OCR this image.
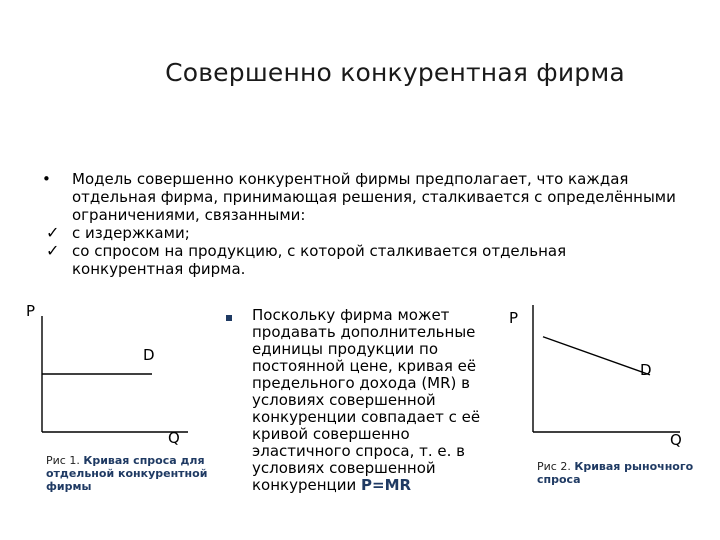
Совершенно конкурентная фирма
• Модель совершенно конкурентной фирмы предполагает, что каждая отдельная фирма, принимающая решения, сталкивается с определёнными ограничениями, связанными:
✓ с издержками;
✓ со спросом на продукцию, с которой сталкивается отдельная конкурентная фирма.
P
D
Q
Рис 1. Кривая спроса для отдельной конкурентной фирмы
Поскольку фирма может продавать дополнительные единицы продукции по постоянной цене, кривая её предельного дохода (MR) в условиях совершенной конкуренции совпадает с её кривой совершенно эластичного спроса, т. е. в условиях совершенной конкуренции P=MR
P
D
Q
Рис 2. Кривая рыночного спроса
